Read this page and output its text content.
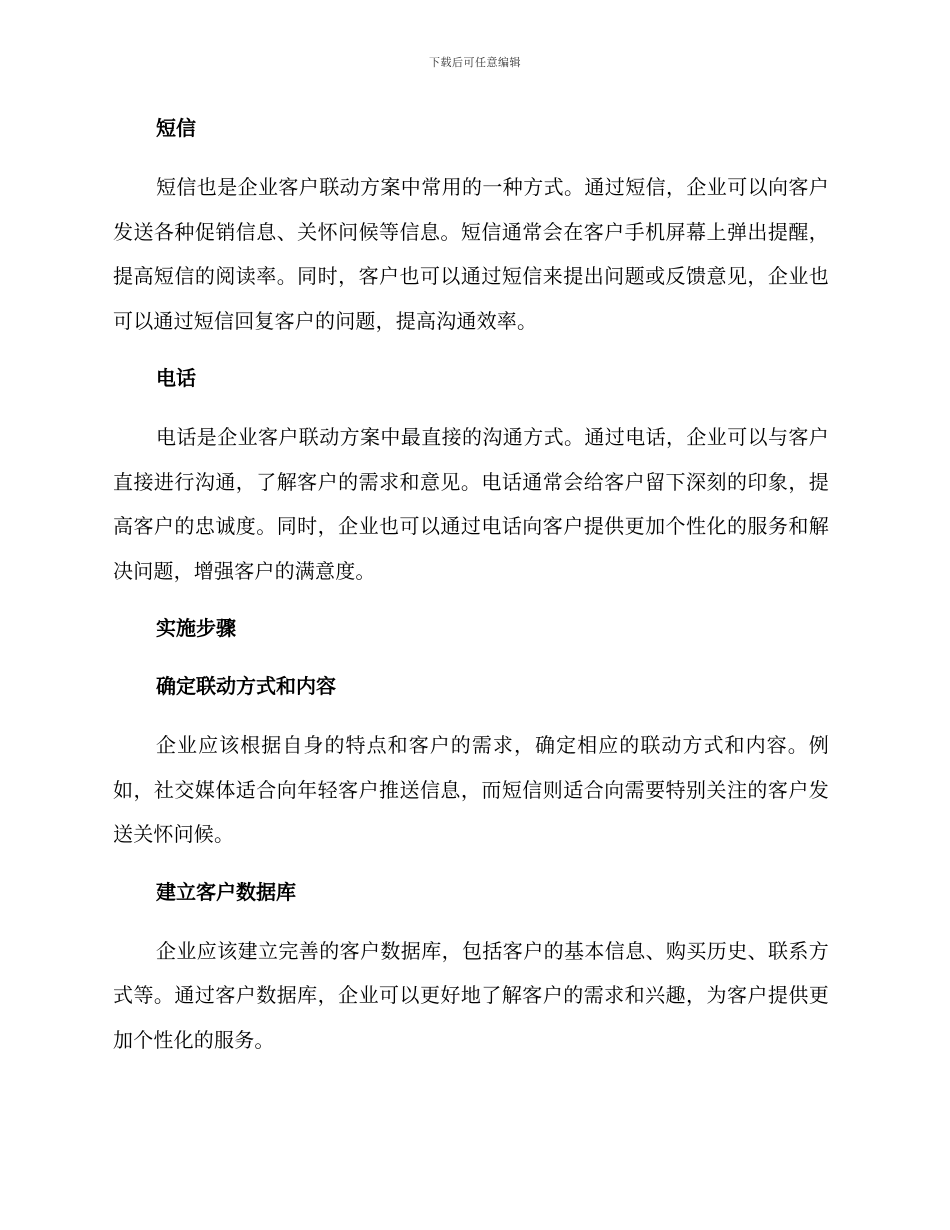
下载后可任意编辑

短信

短信也是企业客户联动方案中常用的一种方式。通过短信，企业可以向客户发送各种促销信息、关怀问候等信息。短信通常会在客户手机屏幕上弹出提醒，提高短信的阅读率。同时，客户也可以通过短信来提出问题或反馈意见，企业也可以通过短信回复客户的问题，提高沟通效率。

电话

电话是企业客户联动方案中最直接的沟通方式。通过电话，企业可以与客户直接进行沟通，了解客户的需求和意见。电话通常会给客户留下深刻的印象，提高客户的忠诚度。同时，企业也可以通过电话向客户提供更加个性化的服务和解决问题，增强客户的满意度。

实施步骤

确定联动方式和内容

企业应该根据自身的特点和客户的需求，确定相应的联动方式和内容。例如，社交媒体适合向年轻客户推送信息，而短信则适合向需要特别关注的客户发送关怀问候。

建立客户数据库

企业应该建立完善的客户数据库，包括客户的基本信息、购买历史、联系方式等。通过客户数据库，企业可以更好地了解客户的需求和兴趣，为客户提供更加个性化的服务。
